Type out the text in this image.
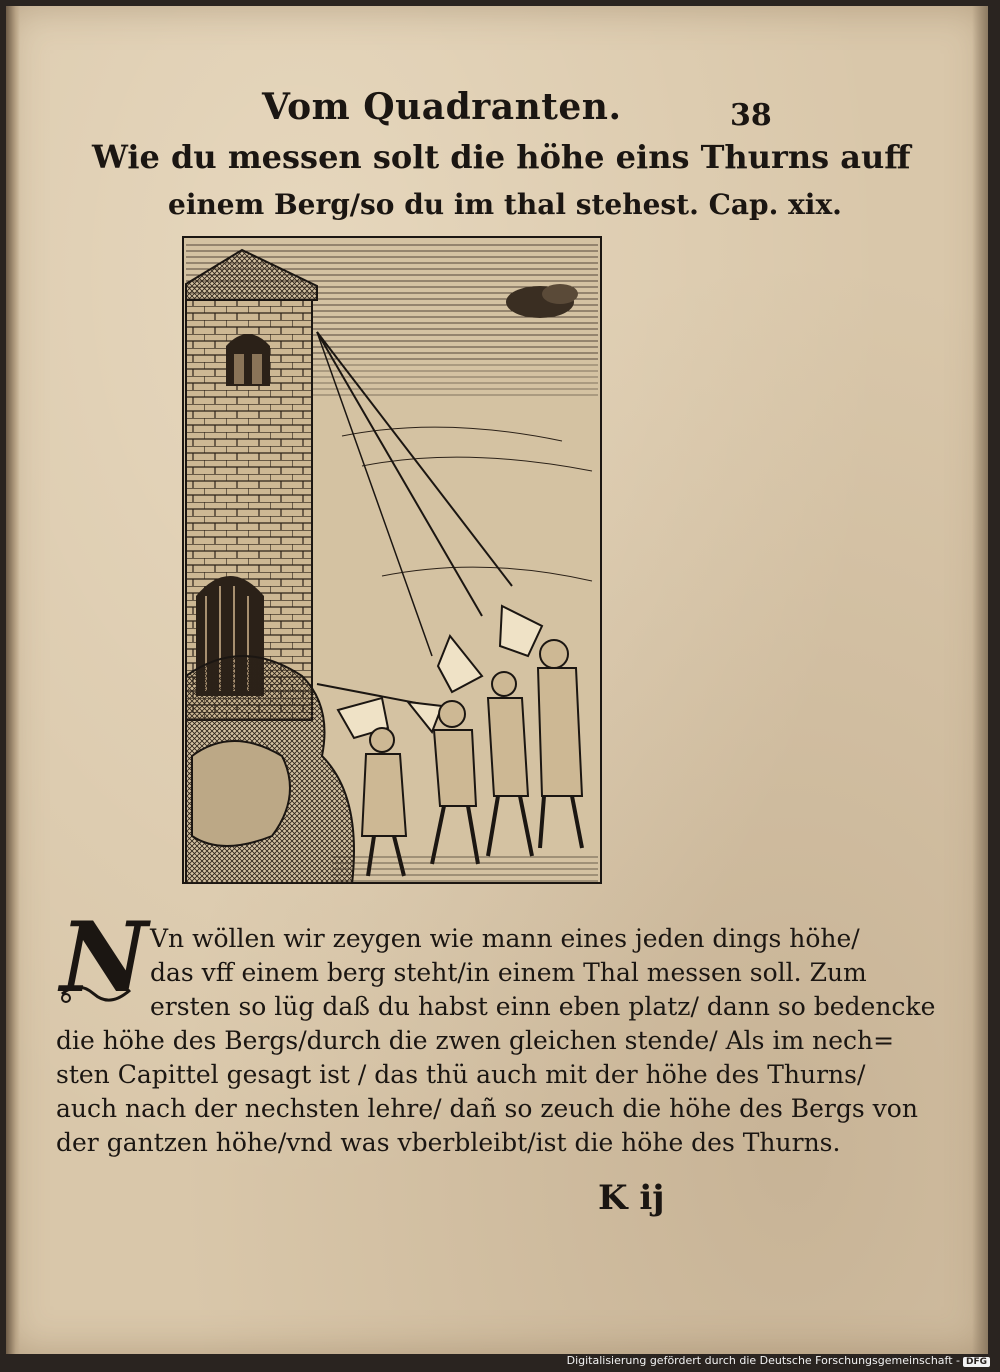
Vom Quadranten.	38
Wie du messen solt die höhe eins Thurns auff
einem Berg/so du im thal stehest. Cap. xix.
N Vn wöllen wir zeygen wie mann eines jeden dings höhe/
das vff einem berg steht/in einem Thal messen soll. Zum
ersten so lüg daß du habst einn eben platz/ dann so bedencke
die höhe des Bergs/durch die zwen gleichen stende/ Als im nech=
sten Capittel gesagt ist / das thü auch mit der höhe des Thurns/
auch nach der nechsten lehre/ dañ so zeuch die höhe des Bergs von
der gantzen höhe/vnd was vberbleibt/ist die höhe des Thurns.
K ij
Digitalisierung gefördert durch die Deutsche Forschungsgemeinschaft - DFG
